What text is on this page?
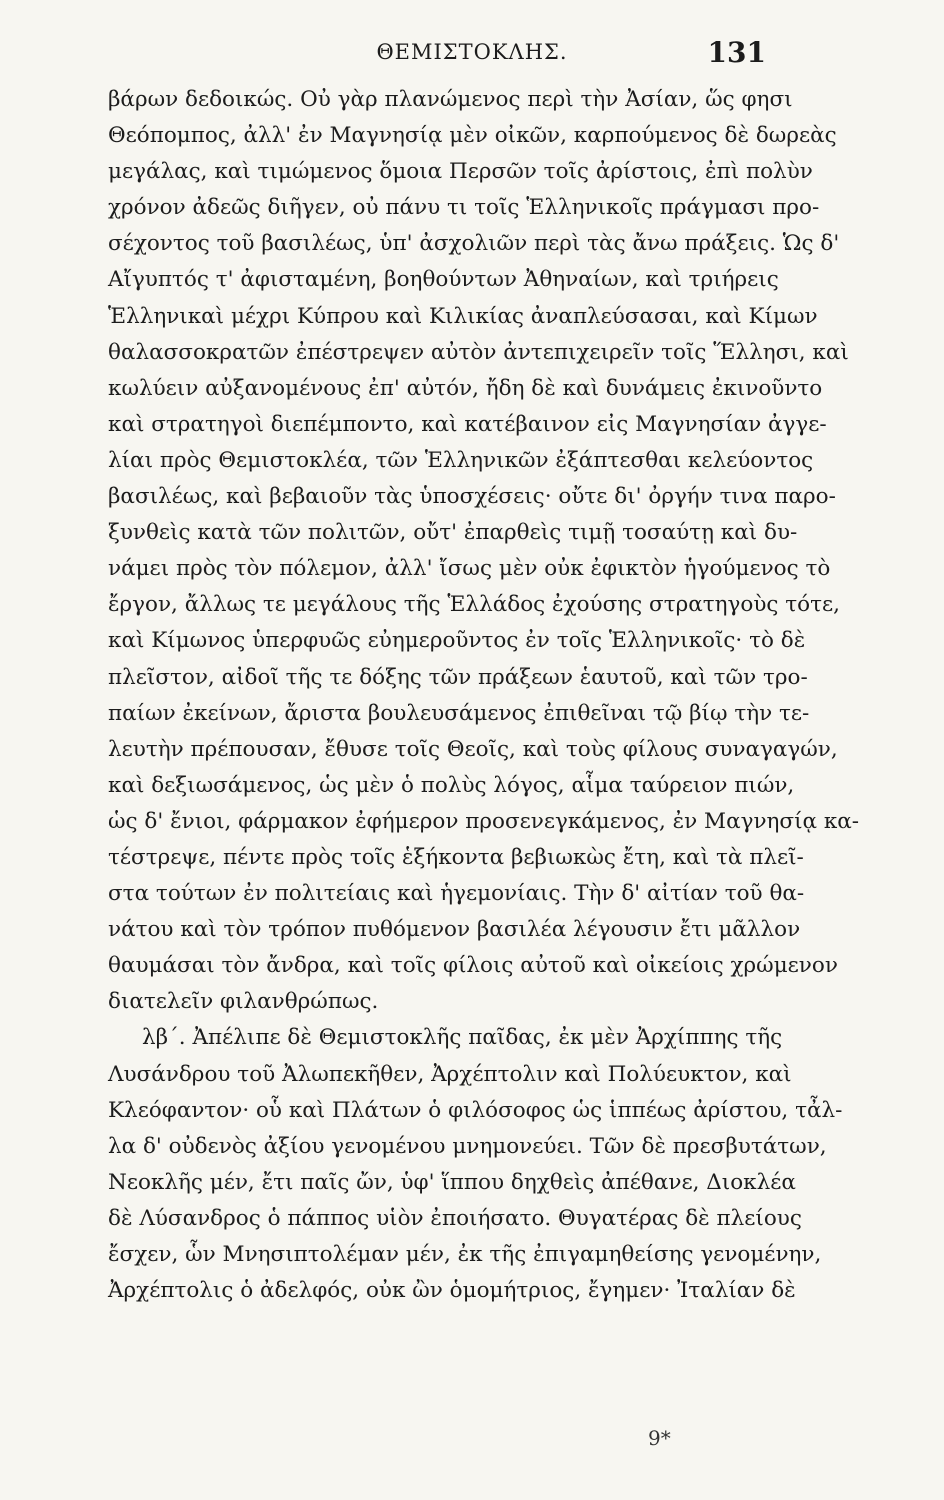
ΘΕΜΙΣΤΟΚΛΗΣ.	131
βάρων δεδοικώς. Οὐ γὰρ πλανώμενος περὶ τὴν Ἀσίαν, ὥς φησι
Θεόπομπος, ἀλλ' ἐν Μαγνησίᾳ μὲν οἰκῶν, καρπούμενος δὲ δωρεὰς
μεγάλας, καὶ τιμώμενος ὅμοια Περσῶν τοῖς ἀρίστοις, ἐπὶ πολὺν
χρόνον ἀδεῶς διῆγεν, οὐ πάνυ τι τοῖς Ἑλληνικοῖς πράγμασι προ-
σέχοντος τοῦ βασιλέως, ὑπ' ἀσχολιῶν περὶ τὰς ἄνω πράξεις. Ὡς δ'
Αἴγυπτός τ' ἀφισταμένη, βοηθούντων Ἀθηναίων, καὶ τριήρεις
Ἑλληνικαὶ μέχρι Κύπρου καὶ Κιλικίας ἀναπλεύσασαι, καὶ Κίμων
θαλασσοκρατῶν ἐπέστρεψεν αὐτὸν ἀντεπιχειρεῖν τοῖς Ἕλλησι, καὶ
κωλύειν αὐξανομένους ἐπ' αὐτόν, ἤδη δὲ καὶ δυνάμεις ἐκινοῦντο
καὶ στρατηγοὶ διεπέμποντο, καὶ κατέβαινον εἰς Μαγνησίαν ἀγγε-
λίαι πρὸς Θεμιστοκλέα, τῶν Ἑλληνικῶν ἐξάπτεσθαι κελεύοντος
βασιλέως, καὶ βεβαιοῦν τὰς ὑποσχέσεις· οὔτε δι' ὀργήν τινα παρο-
ξυνθεὶς κατὰ τῶν πολιτῶν, οὔτ' ἐπαρθεὶς τιμῇ τοσαύτῃ καὶ δυ-
νάμει πρὸς τὸν πόλεμον, ἀλλ' ἴσως μὲν οὐκ ἐφικτὸν ἡγούμενος τὸ
ἔργον, ἄλλως τε μεγάλους τῆς Ἑλλάδος ἐχούσης στρατηγοὺς τότε,
καὶ Κίμωνος ὑπερφυῶς εὐημεροῦντος ἐν τοῖς Ἑλληνικοῖς· τὸ δὲ
πλεῖστον, αἰδοῖ τῆς τε δόξης τῶν πράξεων ἑαυτοῦ, καὶ τῶν τρο-
παίων ἐκείνων, ἄριστα βουλευσάμενος ἐπιθεῖναι τῷ βίῳ τὴν τε-
λευτὴν πρέπουσαν, ἔθυσε τοῖς Θεοῖς, καὶ τοὺς φίλους συναγαγών,
καὶ δεξιωσάμενος, ὡς μὲν ὁ πολὺς λόγος, αἷμα ταύρειον πιών,
ὡς δ' ἔνιοι, φάρμακον ἐφήμερον προσενεγκάμενος, ἐν Μαγνησίᾳ κα-
τέστρεψε, πέντε πρὸς τοῖς ἑξήκοντα βεβιωκὼς ἔτη, καὶ τὰ πλεῖ-
στα τούτων ἐν πολιτείαις καὶ ἡγεμονίαις. Τὴν δ' αἰτίαν τοῦ θα-
νάτου καὶ τὸν τρόπον πυθόμενον βασιλέα λέγουσιν ἔτι μᾶλλον
θαυμάσαι τὸν ἄνδρα, καὶ τοῖς φίλοις αὐτοῦ καὶ οἰκείοις χρώμενον
διατελεῖν φιλανθρώπως.
λβ΄. Ἀπέλιπε δὲ Θεμιστοκλῆς παῖδας, ἐκ μὲν Ἀρχίππης τῆς
Λυσάνδρου τοῦ Ἀλωπεκῆθεν, Ἀρχέπτολιν καὶ Πολύευκτον, καὶ
Κλεόφαντον· οὗ καὶ Πλάτων ὁ φιλόσοφος ὡς ἱππέως ἀρίστου, τἆλ-
λα δ' οὐδενὸς ἀξίου γενομένου μνημονεύει. Τῶν δὲ πρεσβυτάτων,
Νεοκλῆς μέν, ἔτι παῖς ὤν, ὑφ' ἵππου δηχθεὶς ἀπέθανε, Διοκλέα
δὲ Λύσανδρος ὁ πάππος υἱὸν ἐποιήσατο. Θυγατέρας δὲ πλείους
ἔσχεν, ὧν Μνησιπτολέμαν μέν, ἐκ τῆς ἐπιγαμηθείσης γενομένην,
Ἀρχέπτολις ὁ ἀδελφός, οὐκ ὢν ὁμομήτριος, ἔγημεν· Ἰταλίαν δὲ
9*
